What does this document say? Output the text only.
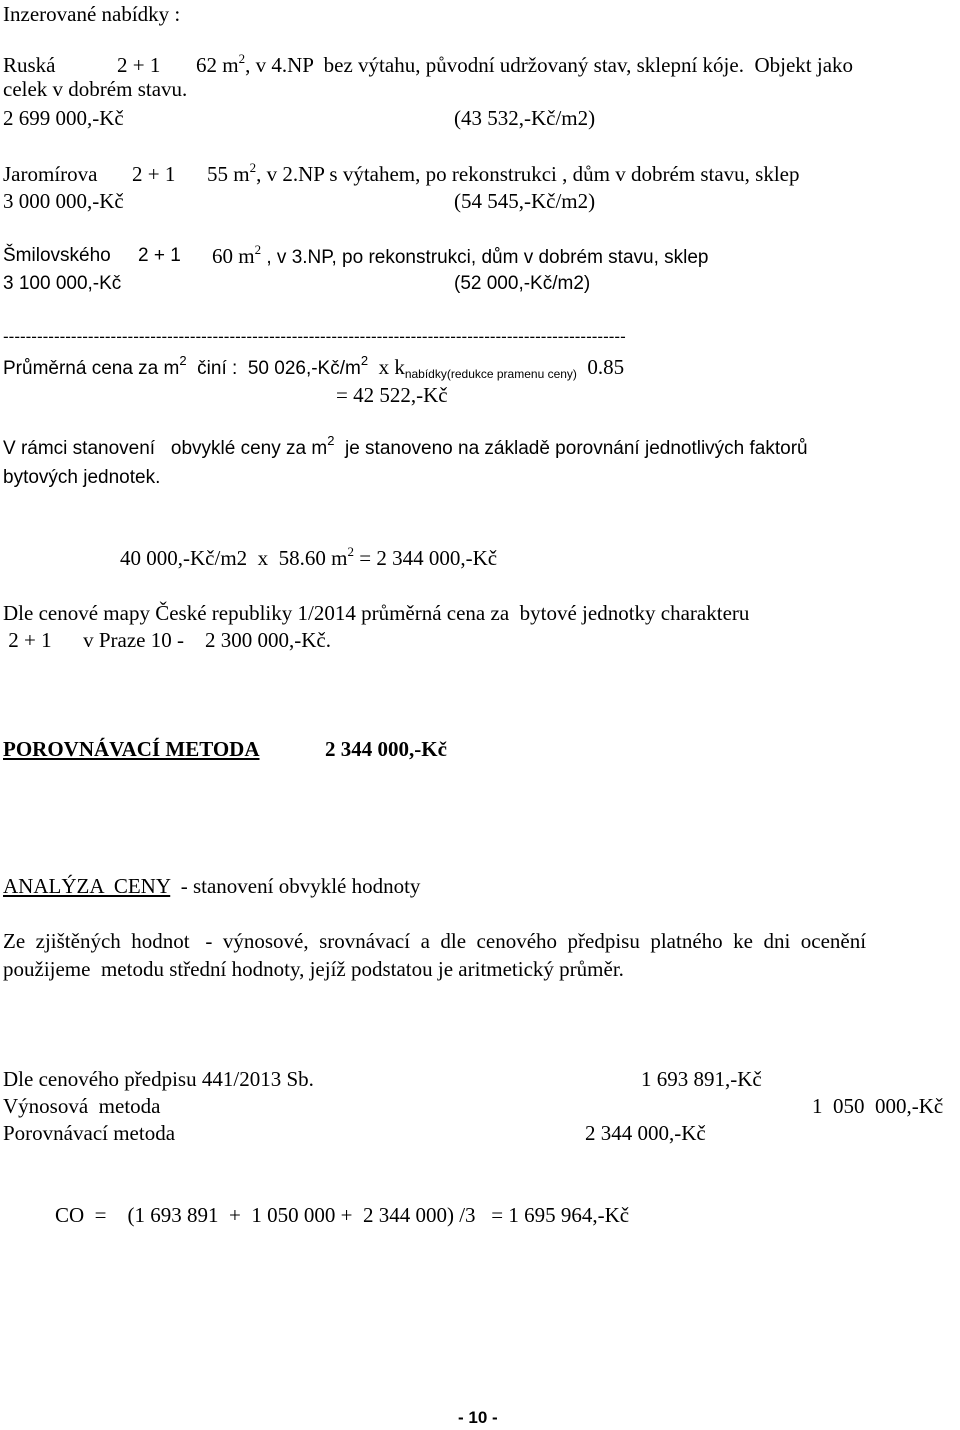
Inzerované nabídky :
Ruská	2 + 1 62 $m^2$, v 4.NP  bez výtahu, původní udržovaný stav, sklepní kóje.  Objekt jako
celek v dobrém stavu.
2 699 000,-Kč	(43 532,-Kč/m2)
Jaromírova 2 + 1 55 $m^2$, v 2.NP s výtahem, po rekonstrukci , dům v dobrém stavu, sklep
3 000 000,-Kč	(54 545,-Kč/m2)
Šmilovského 2 + 1 60 $m^2$ , v 3.NP, po rekonstrukci, dům v dobrém stavu, sklep
3 100 000,-Kč	(52 000,-Kč/m2)
--------------------------------------------------------------------------------------------------------------
Průměrná cena za $m^2$  činí :  50 $026,-Kč/m^2$  x $k_{nabídky(redukce pramenu ceny)}$  0.85
= 42 522,-Kč
V rámci stanovení   obvyklé ceny za $m^2$  je stanoveno na základě porovnání jednotlivých faktorů
bytových jednotek.
40 000,-Kč/m2  x  58.60 $m^2 = 2$ 344 000,-Kč
Dle cenové mapy České republiky 1/2014 průměrná cena za  bytové jednotky charakteru
2 + 1      v Praze 10 -    2 300 000,-Kč.
POROVNÁVACÍ METODA	2 344 000,-Kč
ANALÝZA  CENY  - stanovení obvyklé hodnoty
Ze  zjištěných  hodnot   -  výnosové,  srovnávací  a  dle  cenového  předpisu  platného  ke  dni  ocenění
použijeme  metodu střední hodnoty, jejíž podstatou je aritmetický průměr.
Dle cenového předpisu 441/2013 Sb.	1 693 891,-Kč
Výnosová  metoda	1  050  000,-Kč
Porovnávací metoda	2 344 000,-Kč
CO  =    (1 693 891  +  1 050 000 +  2 344 000) /3   = 1 695 964,-Kč
- 10 -
